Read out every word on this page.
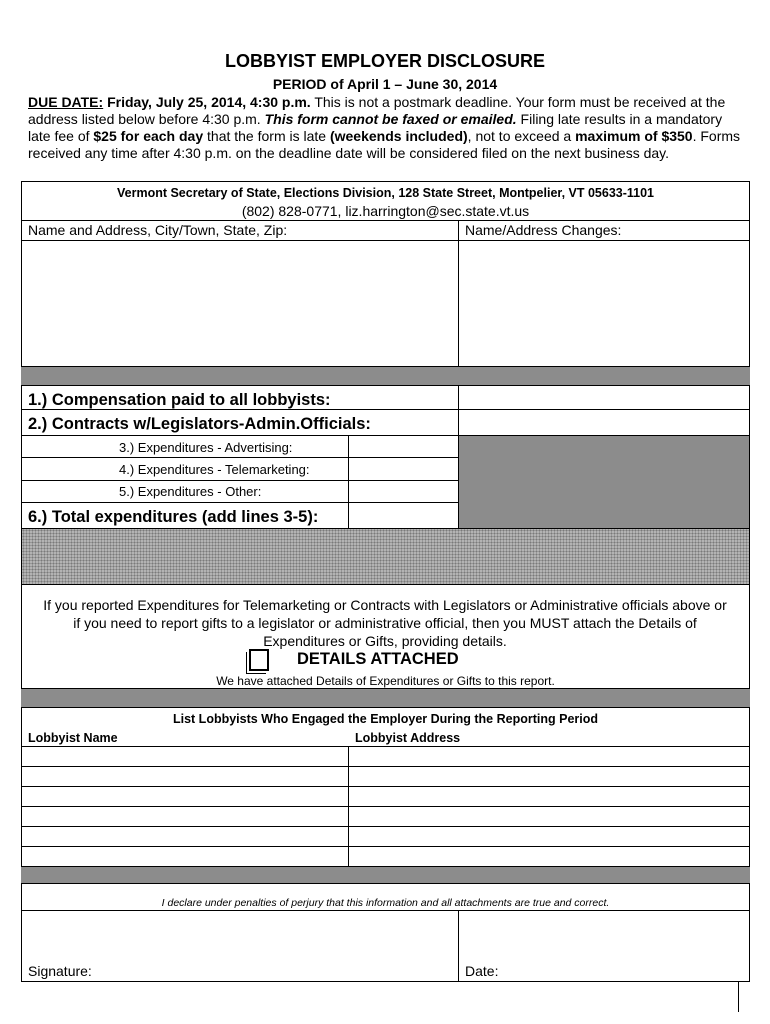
LOBBYIST EMPLOYER DISCLOSURE
PERIOD of April 1 – June 30, 2014
DUE DATE: Friday, July 25, 2014, 4:30 p.m. This is not a postmark deadline. Your form must be received at the address listed below before 4:30 p.m. This form cannot be faxed or emailed. Filing late results in a mandatory late fee of $25 for each day that the form is late (weekends included), not to exceed a maximum of $350. Forms received any time after 4:30 p.m. on the deadline date will be considered filed on the next business day.
Vermont Secretary of State, Elections Division, 128 State Street, Montpelier, VT 05633-1101
(802) 828-0771, liz.harrington@sec.state.vt.us
Name and Address, City/Town, State, Zip:	Name/Address Changes:
1.) Compensation paid to all lobbyists:
2.) Contracts w/Legislators-Admin.Officials:
3.) Expenditures - Advertising:
4.) Expenditures - Telemarketing:
5.) Expenditures - Other:
6.) Total expenditures (add lines 3-5):
If you reported Expenditures for Telemarketing or Contracts with Legislators or Administrative officials above or if you need to report gifts to a legislator or administrative official, then you MUST attach the Details of Expenditures or Gifts, providing details.
DETAILS ATTACHED
We have attached Details of Expenditures or Gifts to this report.
List Lobbyists Who Engaged the Employer During the Reporting Period
Lobbyist Name	Lobbyist Address
I declare under penalties of perjury that this information and all attachments are true and correct.
Signature:	Date:
